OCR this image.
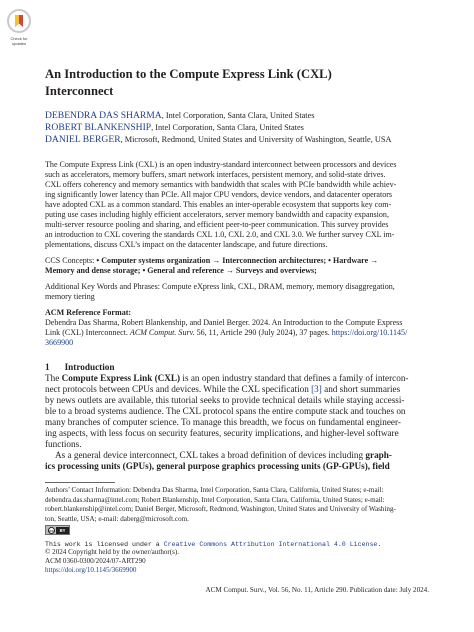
Check for updates
An Introduction to the Compute Express Link (CXL)
Interconnect
DEBENDRA DAS SHARMA, Intel Corporation, Santa Clara, United States
ROBERT BLANKENSHIP, Intel Corporation, Santa Clara, United States
DANIEL BERGER, Microsoft, Redmond, United States and University of Washington, Seattle, USA
The Compute Express Link (CXL) is an open industry-standard interconnect between processors and devices
such as accelerators, memory buffers, smart network interfaces, persistent memory, and solid-state drives.
CXL offers coherency and memory semantics with bandwidth that scales with PCIe bandwidth while achiev-
ing significantly lower latency than PCIe. All major CPU vendors, device vendors, and datacenter operators
have adopted CXL as a common standard. This enables an inter-operable ecosystem that supports key com-
puting use cases including highly efficient accelerators, server memory bandwidth and capacity expansion,
multi-server resource pooling and sharing, and efficient peer-to-peer communication. This survey provides
an introduction to CXL covering the standards CXL 1.0, CXL 2.0, and CXL 3.0. We further survey CXL im-
plementations, discuss CXL’s impact on the datacenter landscape, and future directions.
CCS Concepts: • Computer systems organization → Interconnection architectures; • Hardware →
Memory and dense storage; • General and reference → Surveys and overviews;
Additional Key Words and Phrases: Compute eXpress link, CXL, DRAM, memory, memory disaggregation,
memory tiering
ACM Reference Format:
Debendra Das Sharma, Robert Blankenship, and Daniel Berger. 2024. An Introduction to the Compute Express
Link (CXL) Interconnect. ACM Comput. Surv. 56, 11, Article 290 (July 2024), 37 pages. https://doi.org/10.1145/
3669900
1 Introduction
The Compute Express Link (CXL) is an open industry standard that defines a family of intercon-
nect protocols between CPUs and devices. While the CXL specification [3] and short summaries
by news outlets are available, this tutorial seeks to provide technical details while staying accessi-
ble to a broad systems audience. The CXL protocol spans the entire compute stack and touches on
many branches of computer science. To manage this breadth, we focus on fundamental engineer-
ing aspects, with less focus on security features, security implications, and higher-level software
functions.
As a general device interconnect, CXL takes a broad definition of devices including graph-
ics processing units (GPUs), general purpose graphics processing units (GP-GPUs), field
Authors’ Contact Information: Debendra Das Sharma, Intel Corporation, Santa Clara, California, United States; e-mail:
debendra.das.sharma@intel.com; Robert Blankenship, Intel Corporation, Santa Clara, California, United States; e-mail:
robert.blankenship@intel.com; Daniel Berger, Microsoft, Redmond, Washington, United States and University of Washing-
ton, Seattle, USA; e-mail: daberg@microsoft.com.
cc	BY
This work is licensed under a Creative Commons Attribution International 4.0 License.
© 2024 Copyright held by the owner/author(s).
ACM 0360-0300/2024/07-ART290
https://doi.org/10.1145/3669900
ACM Comput. Surv., Vol. 56, No. 11, Article 290. Publication date: July 2024.
